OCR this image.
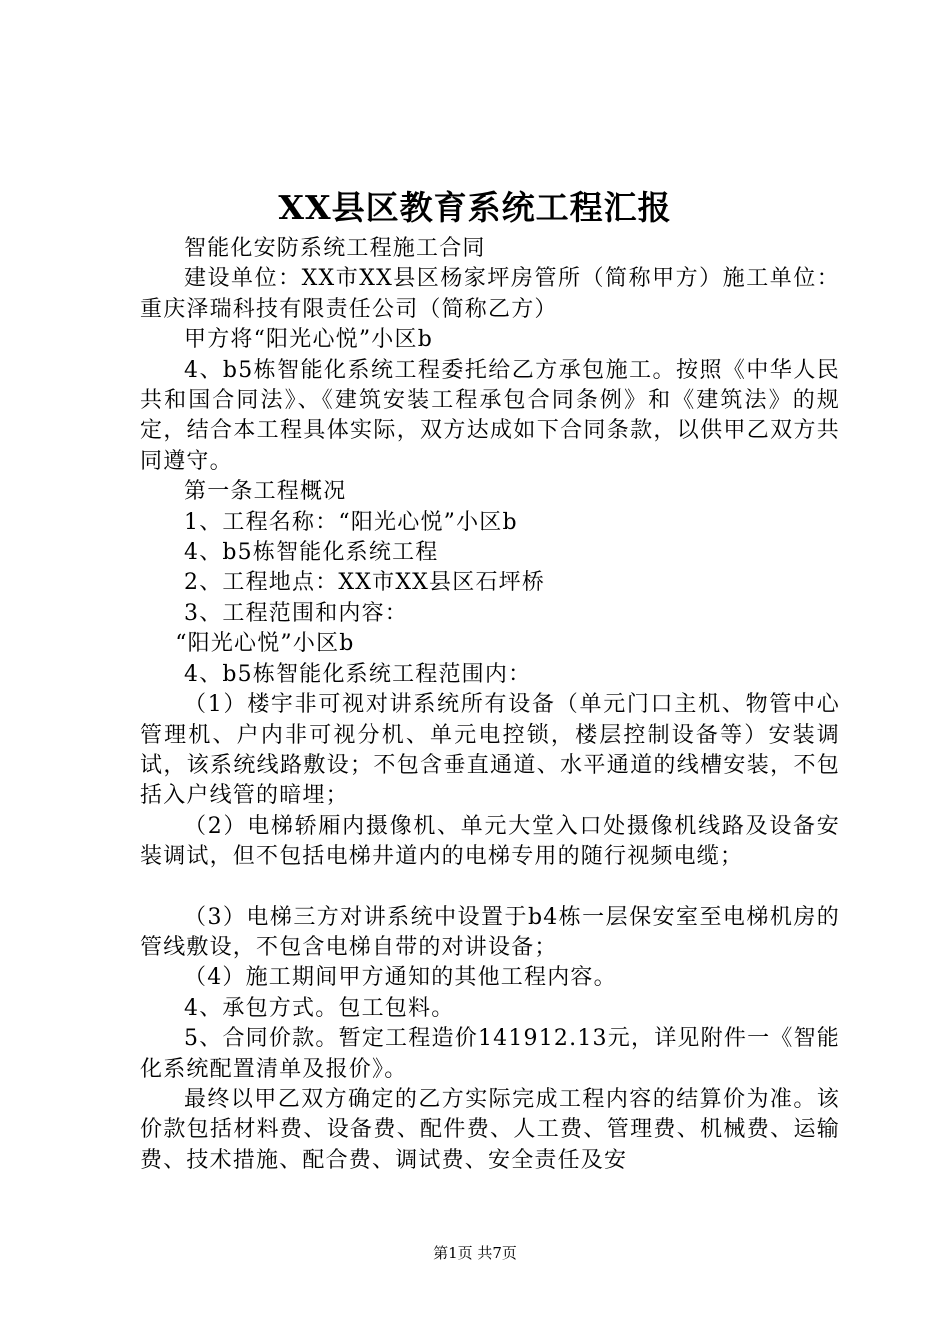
XX县区教育系统工程汇报

智能化安防系统工程施工合同

建设单位：XX市XX县区杨家坪房管所（简称甲方）施工单位：重庆泽瑞科技有限责任公司（简称乙方）

甲方将“阳光心悦”小区b

4、b5栋智能化系统工程委托给乙方承包施工。按照《中华人民共和国合同法》、《建筑安装工程承包合同条例》和《建筑法》的规定，结合本工程具体实际，双方达成如下合同条款，以供甲乙双方共同遵守。

第一条工程概况

1、工程名称：“阳光心悦”小区b

4、b5栋智能化系统工程

2、工程地点：XX市XX县区石坪桥

3、工程范围和内容：

“阳光心悦”小区b

4、b5栋智能化系统工程范围内：

（1）楼宇非可视对讲系统所有设备（单元门口主机、物管中心管理机、户内非可视分机、单元电控锁，楼层控制设备等）安装调试，该系统线路敷设；不包含垂直通道、水平通道的线槽安装，不包括入户线管的暗埋；

（2）电梯轿厢内摄像机、单元大堂入口处摄像机线路及设备安装调试，但不包括电梯井道内的电梯专用的随行视频电缆；

（3）电梯三方对讲系统中设置于b4栋一层保安室至电梯机房的管线敷设，不包含电梯自带的对讲设备；

（4）施工期间甲方通知的其他工程内容。

4、承包方式。包工包料。

5、合同价款。暂定工程造价141912.13元，详见附件一《智能化系统配置清单及报价》。

最终以甲乙双方确定的乙方实际完成工程内容的结算价为准。该价款包括材料费、设备费、配件费、人工费、管理费、机械费、运输费、技术措施、配合费、调试费、安全责任及安

第1页 共7页
